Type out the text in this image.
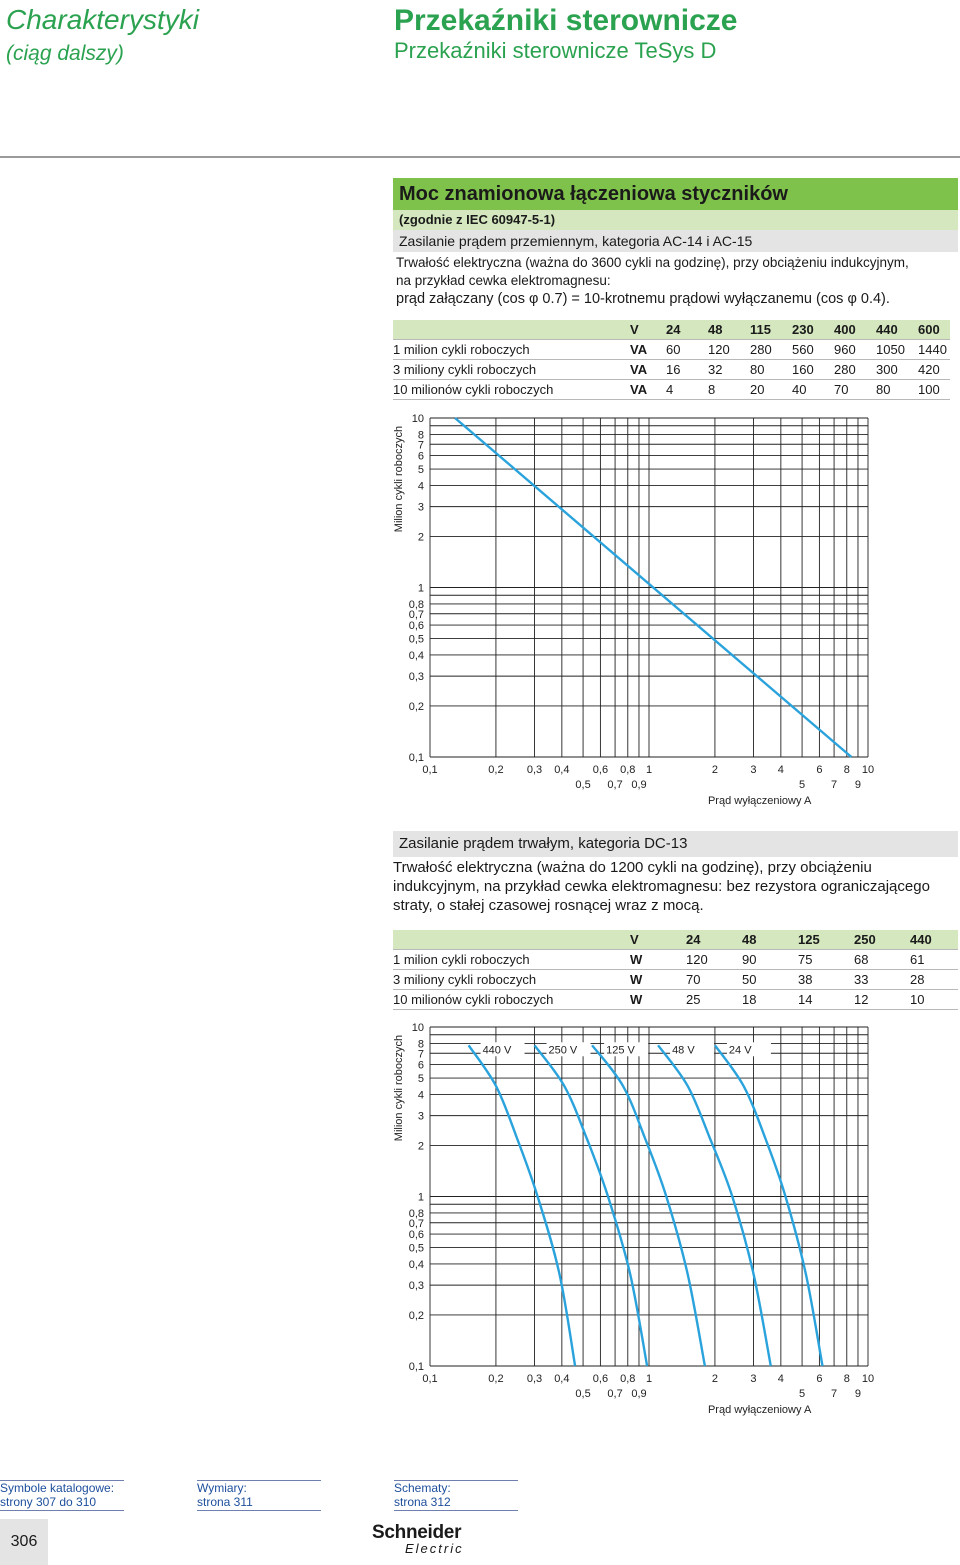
Charakterystyki
(ciąg dalszy)
Przekaźniki sterownicze
Przekaźniki sterownicze TeSys D
Moc znamionowa łączeniowa styczników
(zgodnie z IEC 60947-5-1)
Zasilanie prądem przemiennym, kategoria AC-14 i AC-15
Trwałość elektryczna (ważna do 3600 cykli na godzinę), przy obciążeniu indukcyjnym,
na przykład cewka elektromagnesu:
prąd załączany (cos φ 0.7) = 10-krotnemu prądowi wyłączanemu (cos φ 0.4).
	V	24	48	115	230	400	440	600
1 milion cykli roboczych	VA	60	120	280	560	960	1050	1440
3 miliony cykli roboczych	VA	16	32	80	160	280	300	420
10 milionów cykli roboczych	VA	4	8	20	40	70	80	100
10
8
7
6
5
4
3
2
1
0,8
0,7
0,6
0,5
0,4
0,3
0,2
0,1
0,1	0,2 0,3 0,4 0,6 0,8 1	2	3 4	6 8 10
0,5 0,7 0,9	5 7 9
Prąd wyłączeniowy A
Milion cykli roboczych
Zasilanie prądem trwałym, kategoria DC-13
Trwałość elektryczna (ważna do 1200 cykli na godzinę), przy obciążeniu
indukcyjnym, na przykład cewka elektromagnesu: bez rezystora ograniczającego
straty, o stałej czasowej rosnącej wraz z mocą.
	V	24	48	125	250	440
1 milion cykli roboczych	W	120	90	75	68	61
3 miliony cykli roboczych	W	70	50	38	33	28
10 milionów cykli roboczych	W	25	18	14	12	10
10
8
7
6
5
4
3
2
1
0,8
0,7
0,6
0,5
0,4
0,3
0,2
0,1
0,1	0,2 0,3 0,4 0,6 0,8 1	2	3 4	6 8 10
0,5 0,7 0,9	5 7 9
Prąd wyłączeniowy A
Milion cykli roboczych	24 V
48 V
125 V
250 V
440 V
Symbole katalogowe:
strony 307 do 310
Wymiary:
strona 311
Schematy:
strona 312
306	Schneider
Electric
